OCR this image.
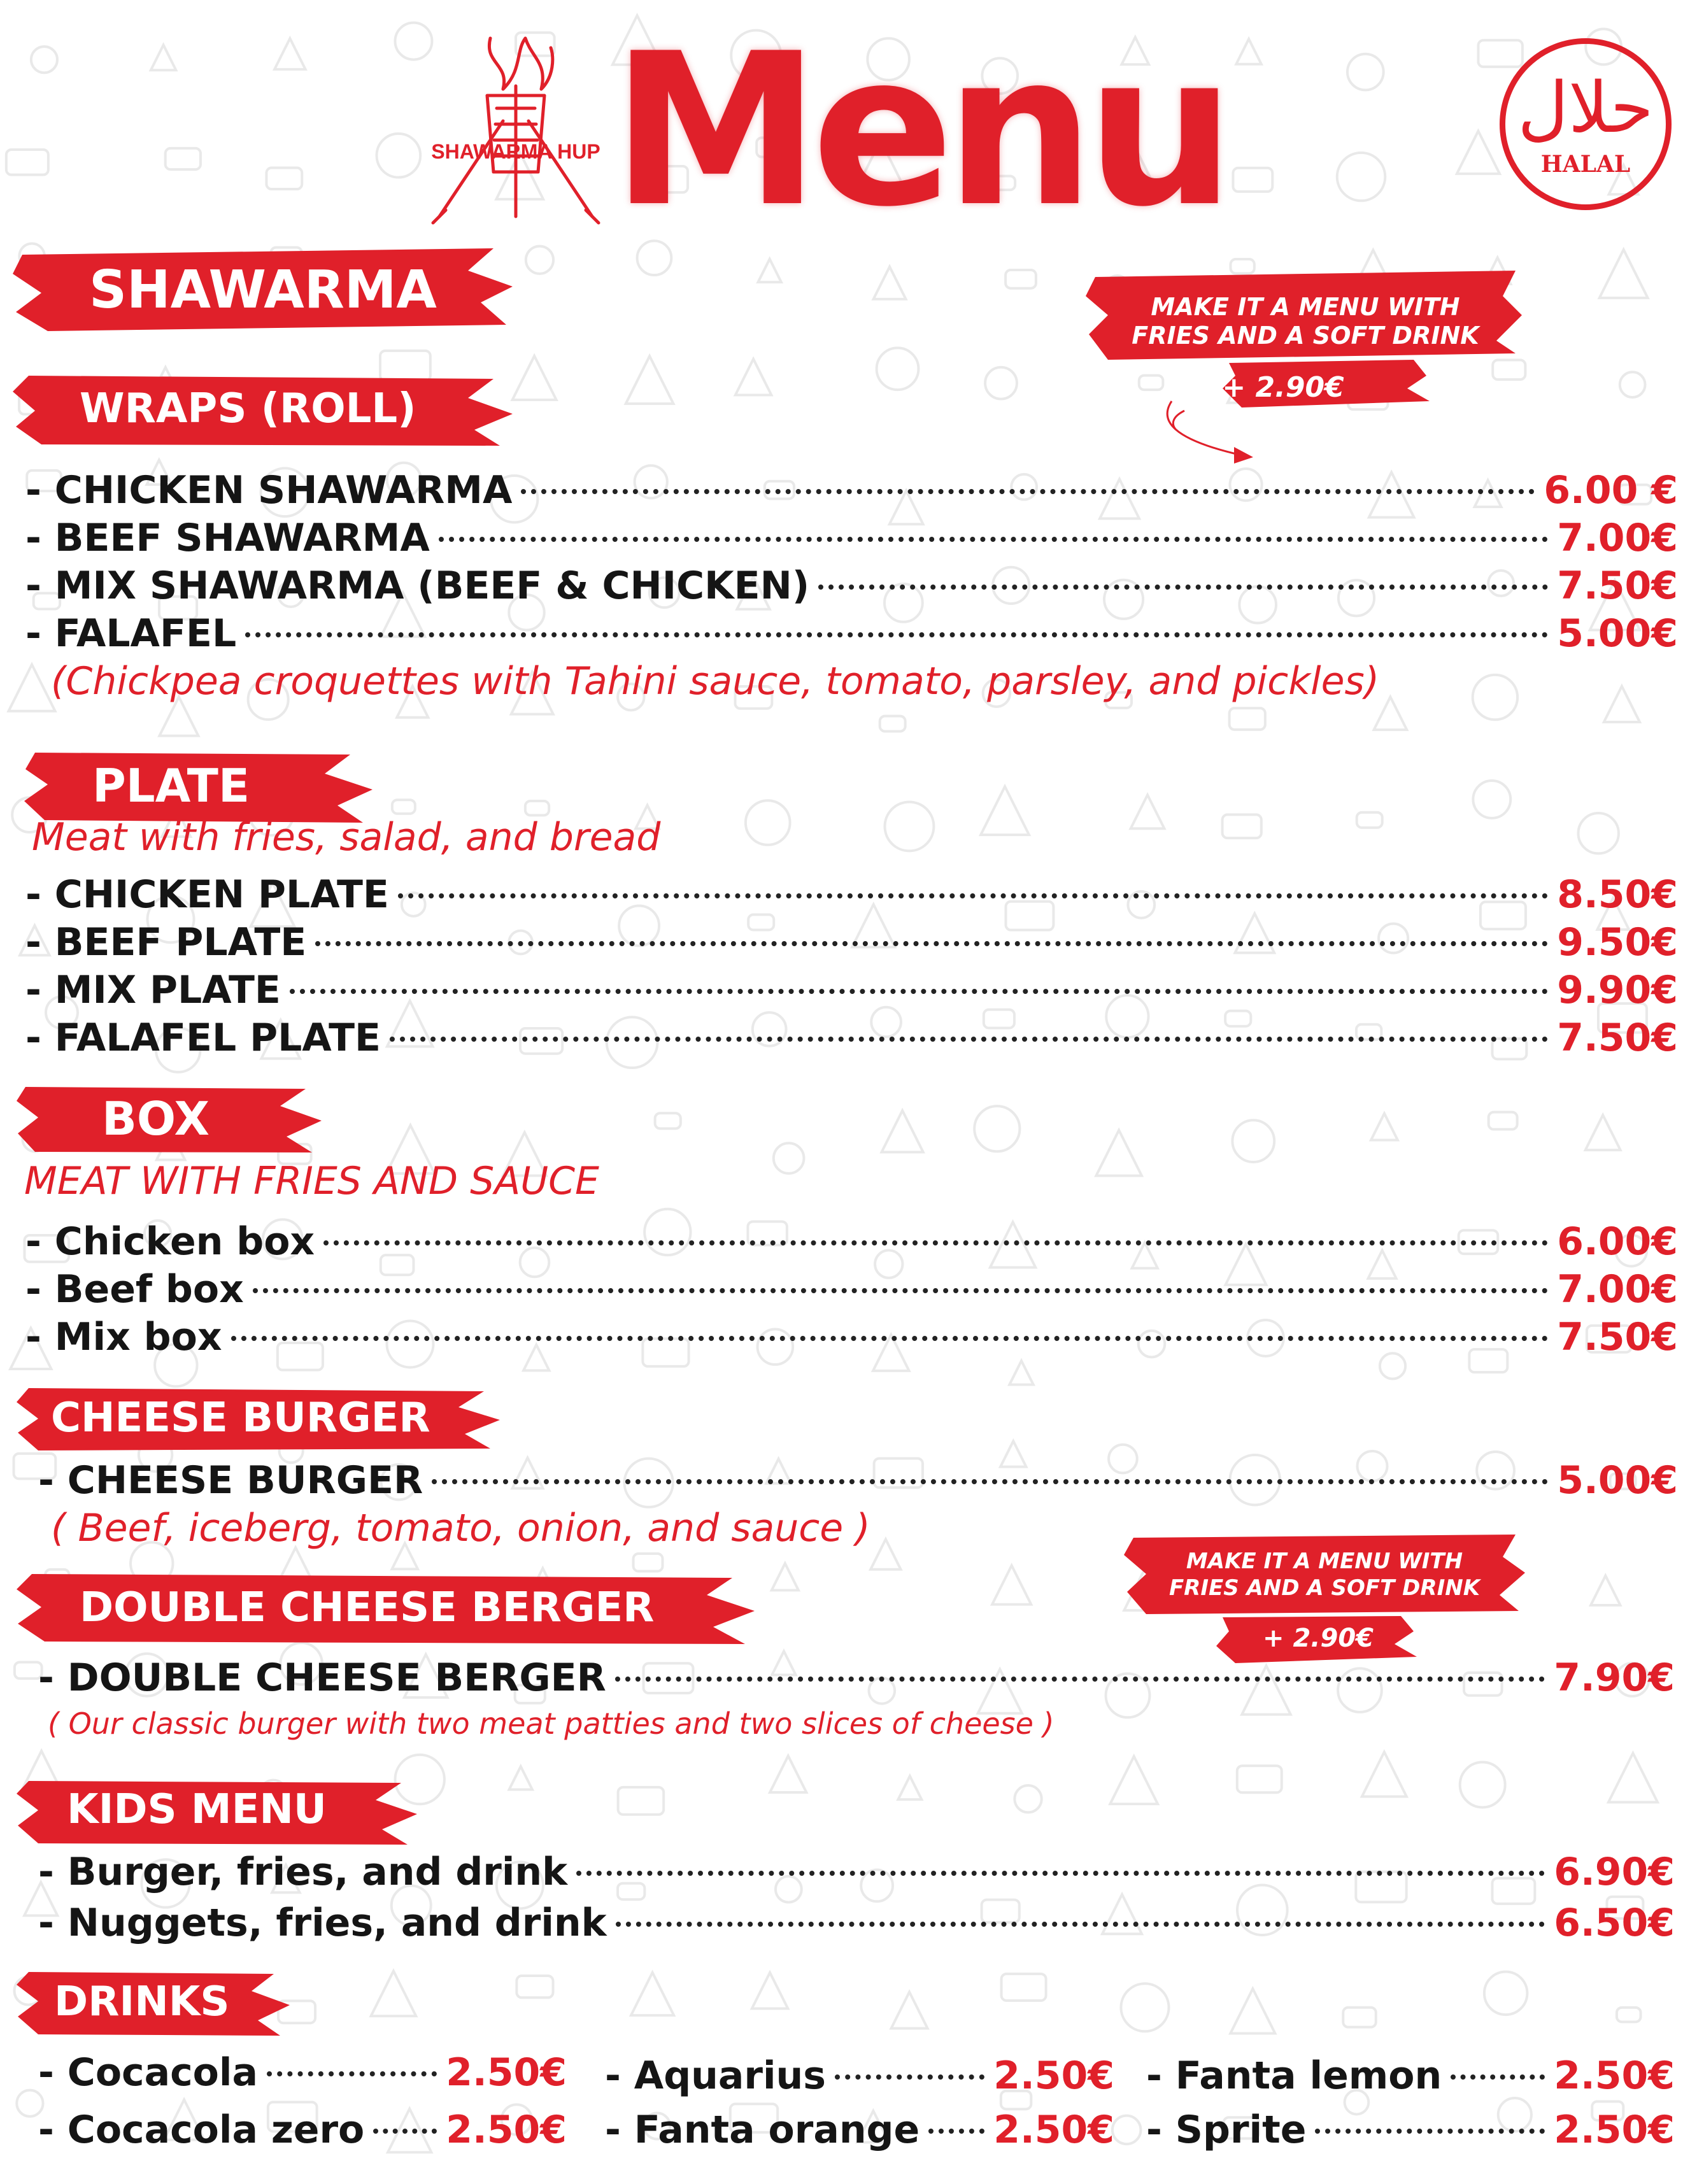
SHAWARMA HUP Menu	حلال
HALAL
MAKE IT A MENU WITH
FRIES AND A SOFT DRINK
+ 2.90€
SHAWARMA
WRAPS (ROLL)
- CHICKEN SHAWARMA	6.00 €
- BEEF SHAWARMA	7.00€
- MIX SHAWARMA (BEEF & CHICKEN)	7.50€
- FALAFEL	5.00€
(Chickpea croquettes with Tahini sauce, tomato, parsley, and pickles)
PLATE
Meat with fries, salad, and bread
- CHICKEN PLATE	8.50€
- BEEF PLATE	9.50€
- MIX PLATE	9.90€
- FALAFEL PLATE	7.50€
BOX
MEAT WITH FRIES AND SAUCE
- Chicken box	6.00€
- Beef box	7.00€
- Mix box	7.50€
CHEESE BURGER
- CHEESE BURGER	5.00€
( Beef, iceberg, tomato, onion, and sauce )
MAKE IT A MENU WITH
FRIES AND A SOFT DRINK
+ 2.90€
DOUBLE CHEESE BERGER
- DOUBLE CHEESE BERGER	7.90€
( Our classic burger with two meat patties and two slices of cheese )
KIDS MENU
- Burger, fries, and drink	6.90€
- Nuggets, fries, and drink	6.50€
DRINKS
- Cocacola	2.50€ - Aquarius	2.50€ - Fanta lemon	2.50€
- Cocacola zero 2.50€ - Fanta orange 2.50€ - Sprite	2.50€
